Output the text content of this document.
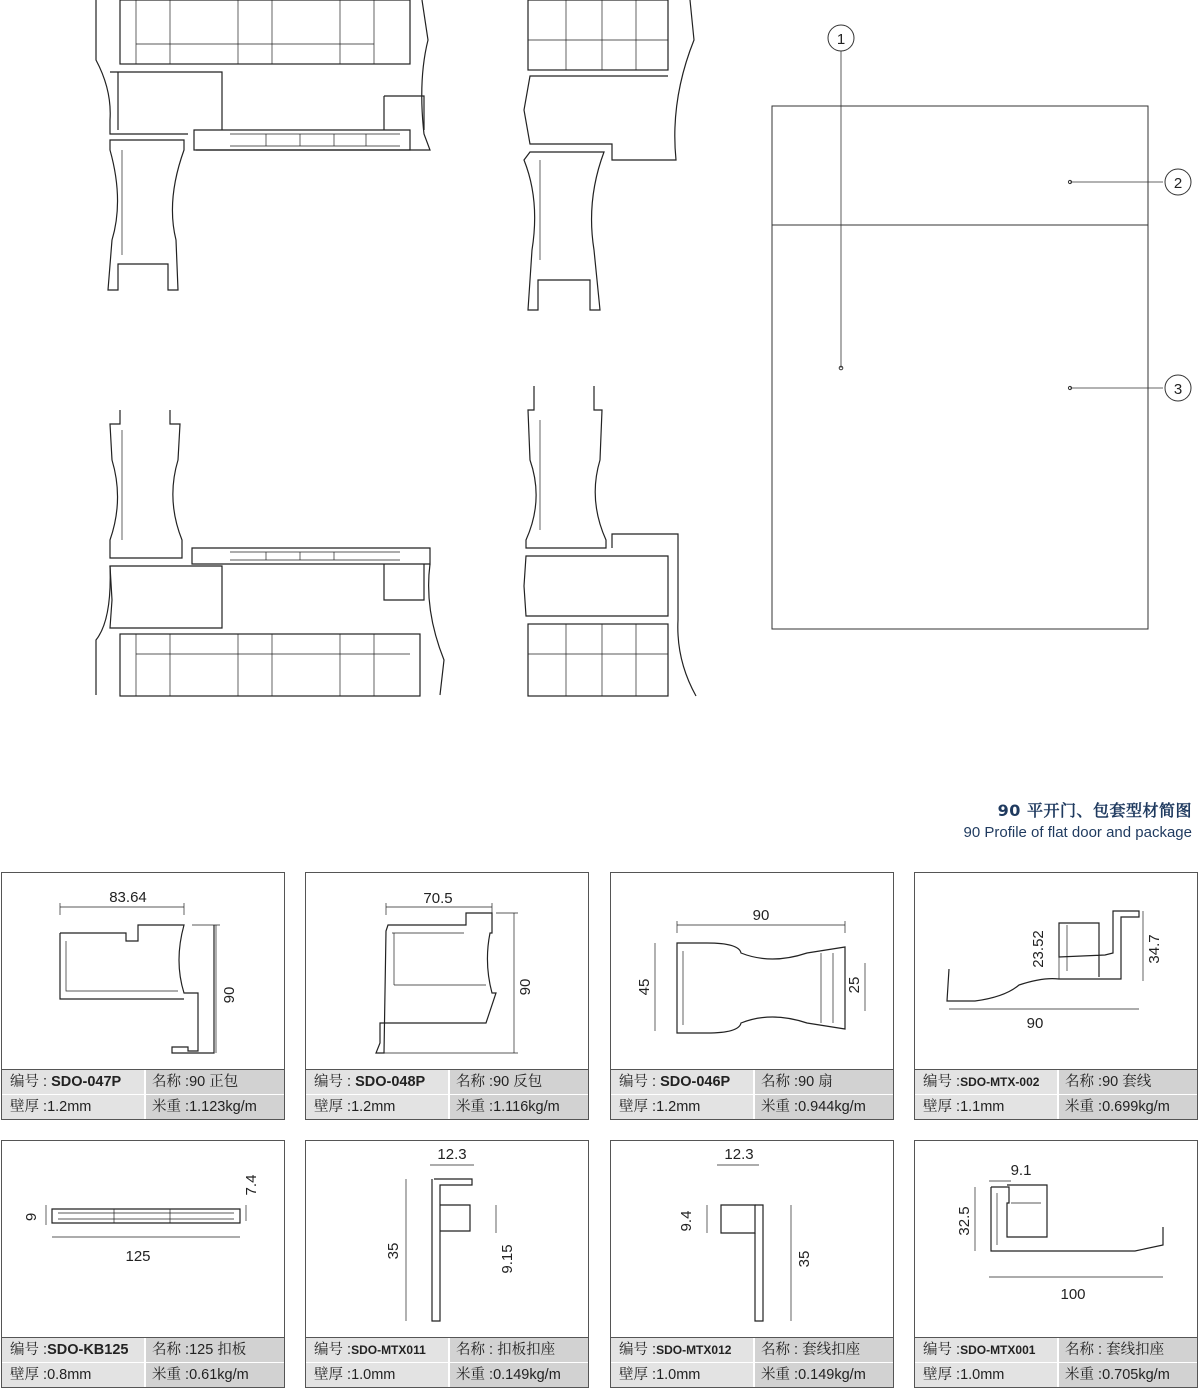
1
2
3
90 平开门、包套型材简图
90 Profile of flat door and package
83.64
90
编号 : SDO-047P	名称 :90 正包
壁厚 :1.2mm	米重 :1.123kg/m
70.5
90
编号 : SDO-048P	名称 :90 反包
壁厚 :1.2mm	米重 :1.116kg/m
90
45	25
编号 : SDO-046P	名称 :90 扇
壁厚 :1.2mm	米重 :0.944kg/m
90
23.52	34.7
编号 :SDO-MTX-002	名称 :90 套线
壁厚 :1.1mm	米重 :0.699kg/m
125
9
7.4
编号 :SDO-KB125	名称 :125 扣板
壁厚 :0.8mm	米重 :0.61kg/m
12.3
35	9.15
编号 :SDO-MTX011	名称 : 扣板扣座
壁厚 :1.0mm	米重 :0.149kg/m
12.3
9.4
35
编号 :SDO-MTX012	名称 : 套线扣座
壁厚 :1.0mm	米重 :0.149kg/m
9.1
32.5
100
编号 :SDO-MTX001	名称 : 套线扣座
壁厚 :1.0mm	米重 :0.705kg/m
